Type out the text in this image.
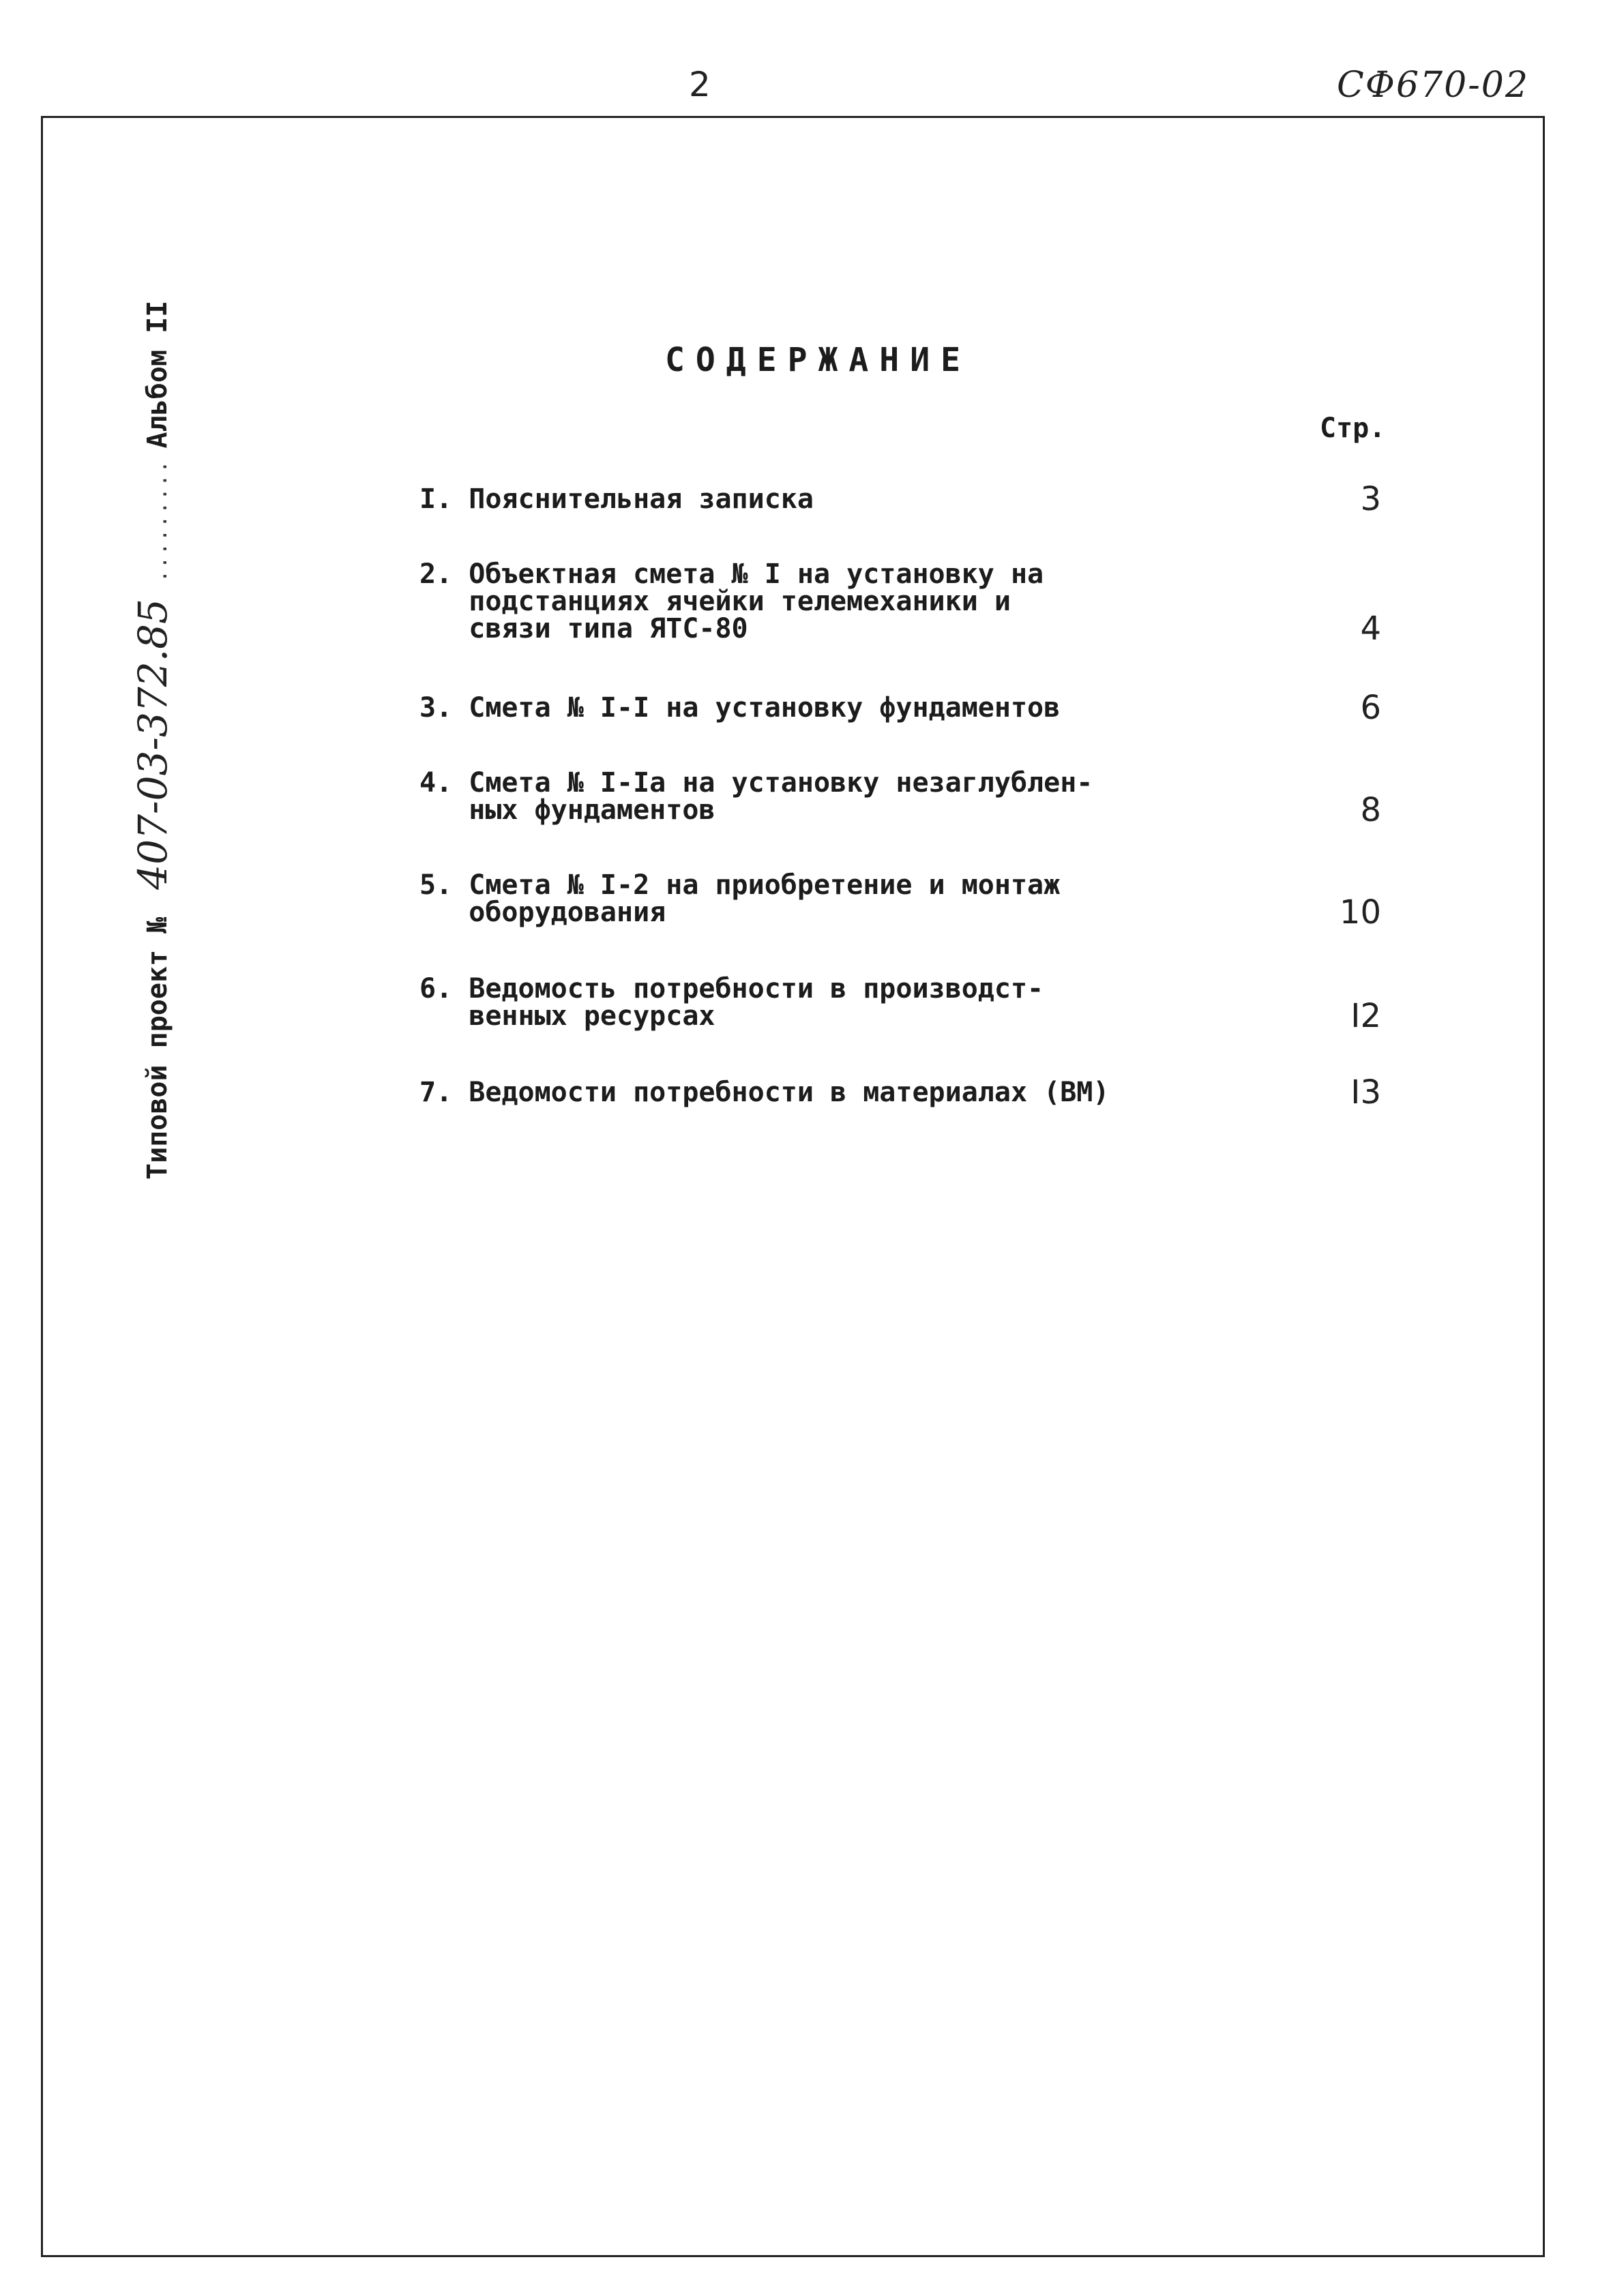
2	СФ670-02
Типовой проект №
407-03-372.85
.........
Альбом II	СОДЕРЖАНИЕ
Стр.

I. Пояснительная записка	3

2. Объектная смета № I на установку на
подстанциях ячейки телемеханики и
связи типа ЯТС-80	4

3. Смета № I-I на установку фундаментов	6

4. Смета № I-Iа на установку незаглублен-
ных фундаментов	8

5. Смета № I-2 на приобретение и монтаж
оборудования	10

6. Ведомость потребности в производст-
венных ресурсах	I2

7. Ведомости потребности в материалах (ВМ)	I3
